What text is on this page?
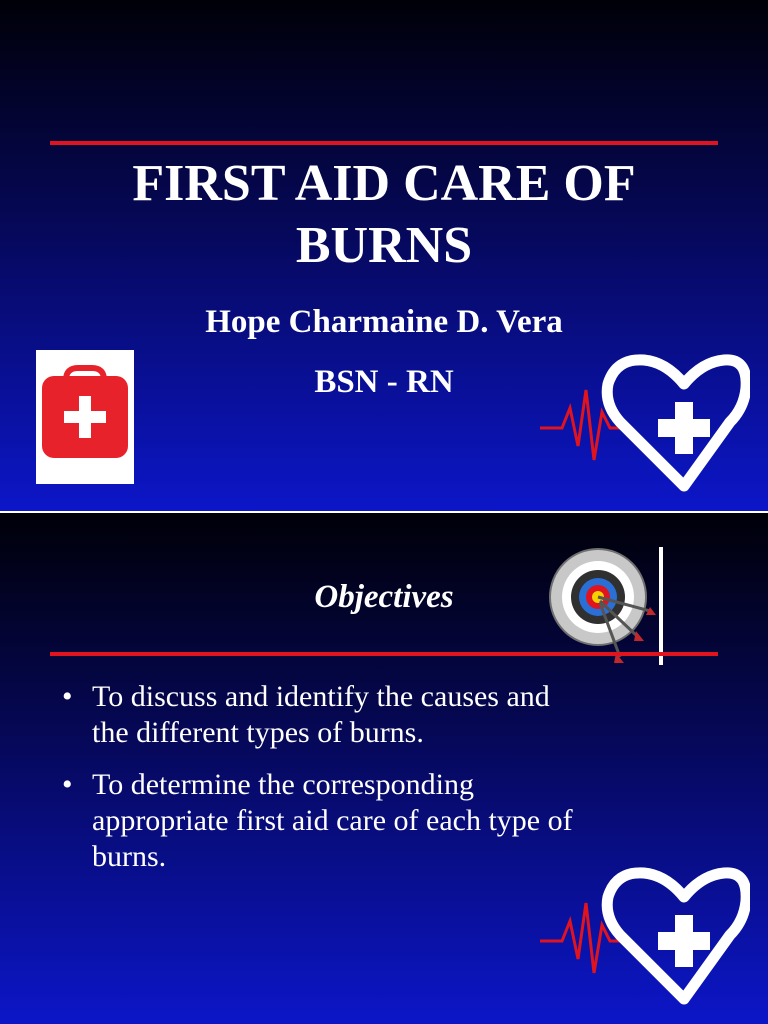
FIRST AID CARE OF
BURNS
Hope Charmaine D. Vera
BSN - RN
Objectives
• To discuss and identify the causes and
the different types of burns.
• To determine the corresponding
appropriate first aid care of each type of
burns.
